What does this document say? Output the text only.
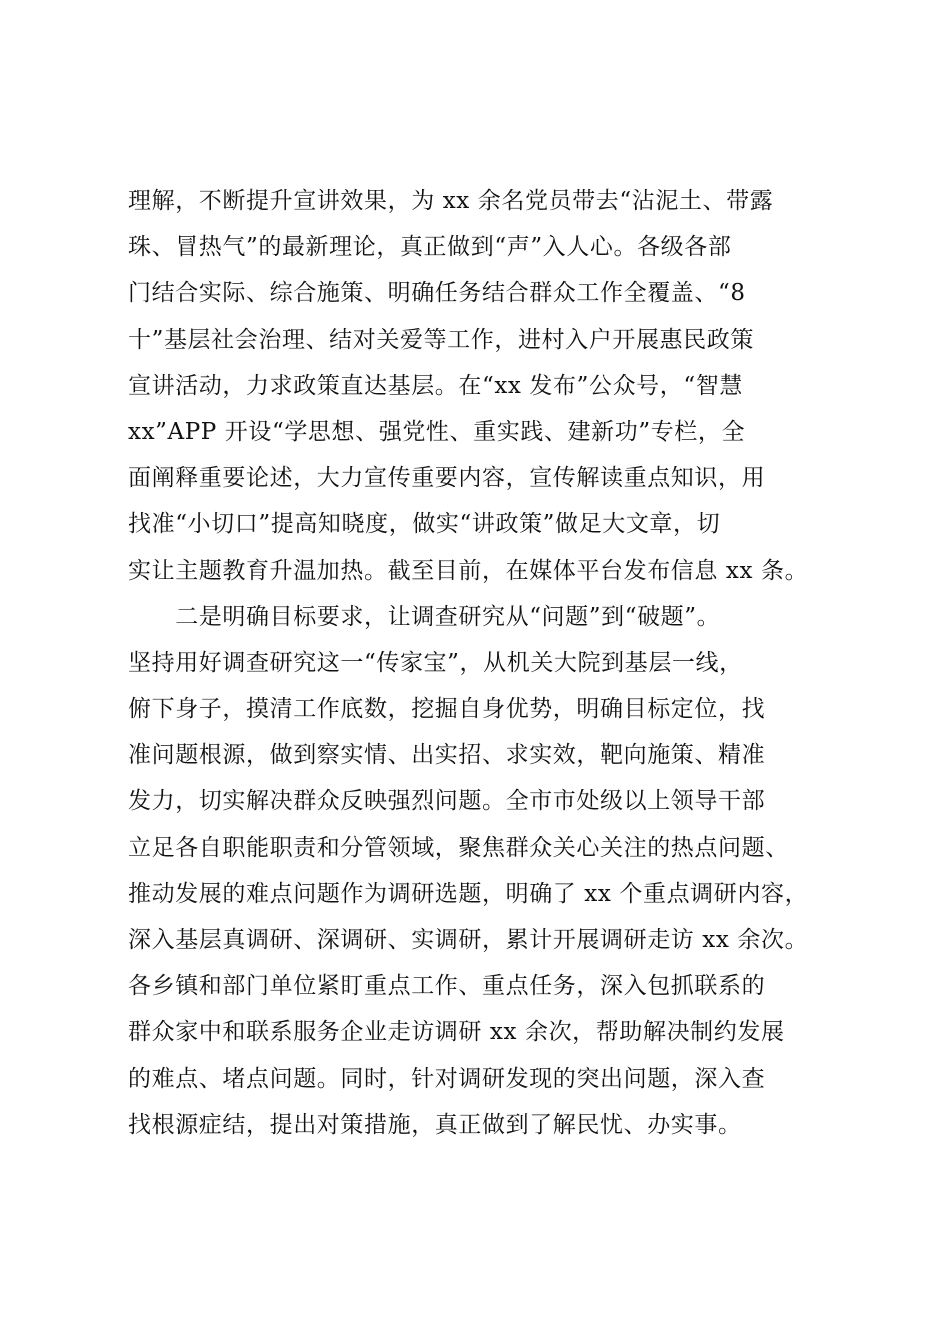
理解，不断提升宣讲效果，为 xx 余名党员带去“沾泥土、带露
珠、冒热气”的最新理论，真正做到“声”入人心。各级各部
门结合实际、综合施策、明确任务结合群众工作全覆盖、“8
十”基层社会治理、结对关爱等工作，进村入户开展惠民政策
宣讲活动，力求政策直达基层。在“xx 发布”公众号，“智慧
xx”APP 开设“学思想、强党性、重实践、建新功”专栏，全
面阐释重要论述，大力宣传重要内容，宣传解读重点知识，用
找准“小切口”提高知晓度，做实“讲政策”做足大文章，切
实让主题教育升温加热。截至目前，在媒体平台发布信息 xx 条。
　　二是明确目标要求，让调查研究从“问题”到“破题”。
坚持用好调查研究这一“传家宝”，从机关大院到基层一线，
俯下身子，摸清工作底数，挖掘自身优势，明确目标定位，找
准问题根源，做到察实情、出实招、求实效，靶向施策、精准
发力，切实解决群众反映强烈问题。全市市处级以上领导干部
立足各自职能职责和分管领域，聚焦群众关心关注的热点问题、
推动发展的难点问题作为调研选题，明确了 xx 个重点调研内容，
深入基层真调研、深调研、实调研，累计开展调研走访 xx 余次。
各乡镇和部门单位紧盯重点工作、重点任务，深入包抓联系的
群众家中和联系服务企业走访调研 xx 余次，帮助解决制约发展
的难点、堵点问题。同时，针对调研发现的突出问题，深入查
找根源症结，提出对策措施，真正做到了解民忧、办实事。
